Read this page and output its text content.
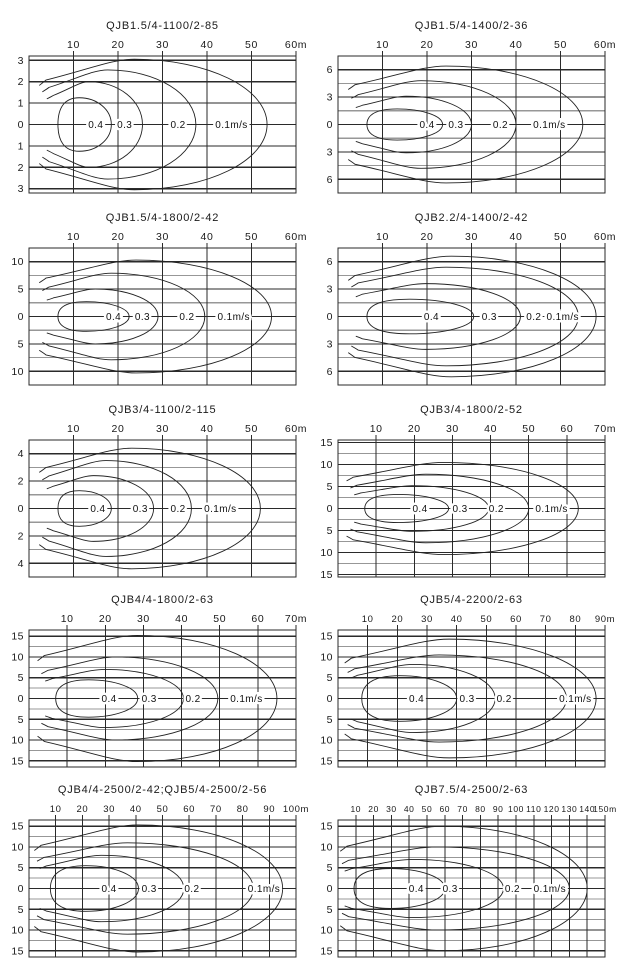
QJB1.5/4-1100/2-85
10	20	30	40	50	60m
3
2
1
0
1
2
3
0.4 0.3	0.2	0.1m/s
QJB1.5/4-1400/2-36
10	20	30	40	50	60m
6
3
0
3
6
0.4 0.3	0.2	0.1m/s
QJB1.5/4-1800/2-42
10	20	30	40	50	60m
10
5
0
5
10
0.4 0.3	0.2 0.1m/s
QJB2.2/4-1400/2-42
10	20	30	40	50	60m
6
3
0
3
6
0.4	0.3	0.2 0.1m/s
QJB3/4-1100/2-115
10	20	30	40	50	60m
4
2
0
2
4
0.4	0.3 0.2 0.1m/s
QJB3/4-1800/2-52
10 20 30 40 50 60 70m
15
10
5
0
5
10
15
0.4 0.3 0.2	0.1m/s
QJB4/4-1800/2-63
10 20 30 40 50 60 70m
15
10
5
0
5
10
15
0.4 0.3	0.2	0.1m/s
QJB5/4-2200/2-63
10 20 30 40 50 60 70 80 90m
15
10
5
0
5
10
15
0.4	0.3 0.2	0.1m/s
QJB4/4-2500/2-42;QJB5/4-2500/2-56
10 20 30 40 50 60 70 80 90 100m
15
10
5
0
5
10
15
0.4 0.3	0.2	0.1m/s
QJB7.5/4-2500/2-63
10 20 30 40 50 60 70 80 90 100 110 120 130 140
150m
15
10
5
0
5
10
15
0.4 0.3	0.2 0.1m/s
